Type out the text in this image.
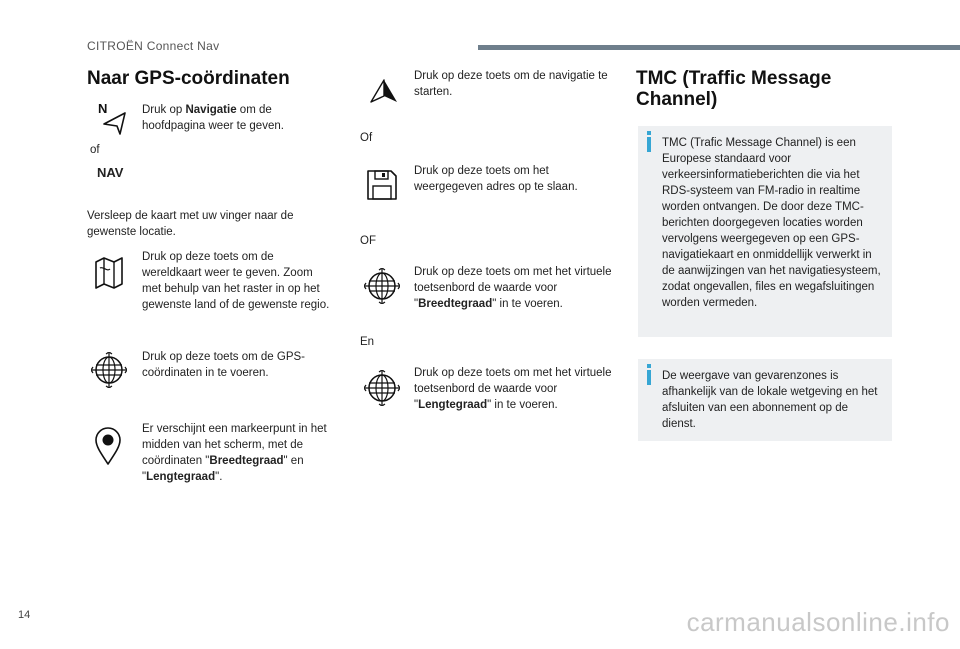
CITROËN Connect Nav
Naar GPS-coördinaten
N	Druk op Navigatie om de hoofdpagina weer te geven.
of
NAV
Versleep de kaart met uw vinger naar de gewenste locatie.
Druk op deze toets om de wereldkaart weer te geven. Zoom met behulp van het raster in op het gewenste land of de gewenste regio.
Druk op deze toets om de GPS-coördinaten in te voeren.
Er verschijnt een markeerpunt in het midden van het scherm, met de coördinaten "Breedtegraad" en "Lengtegraad".
Druk op deze toets om de navigatie te starten.
Of
Druk op deze toets om het weergegeven adres op te slaan.
OF
Druk op deze toets om met het virtuele toetsenbord de waarde voor "Breedtegraad" in te voeren.
En
Druk op deze toets om met het virtuele toetsenbord de waarde voor "Lengtegraad" in te voeren.
TMC (Traffic Message Channel)
TMC (Trafic Message Channel) is een Europese standaard voor verkeersinformatieberichten die via het RDS-systeem van FM-radio in realtime worden ontvangen. De door deze TMC-berichten doorgegeven locaties worden vervolgens weergegeven op een GPS-navigatiekaart en onmiddellijk verwerkt in de aanwijzingen van het navigatiesysteem, zodat ongevallen, files en wegafsluitingen worden vermeden.
De weergave van gevarenzones is afhankelijk van de lokale wetgeving en het afsluiten van een abonnement op de dienst.
14	carmanualsonline.info
